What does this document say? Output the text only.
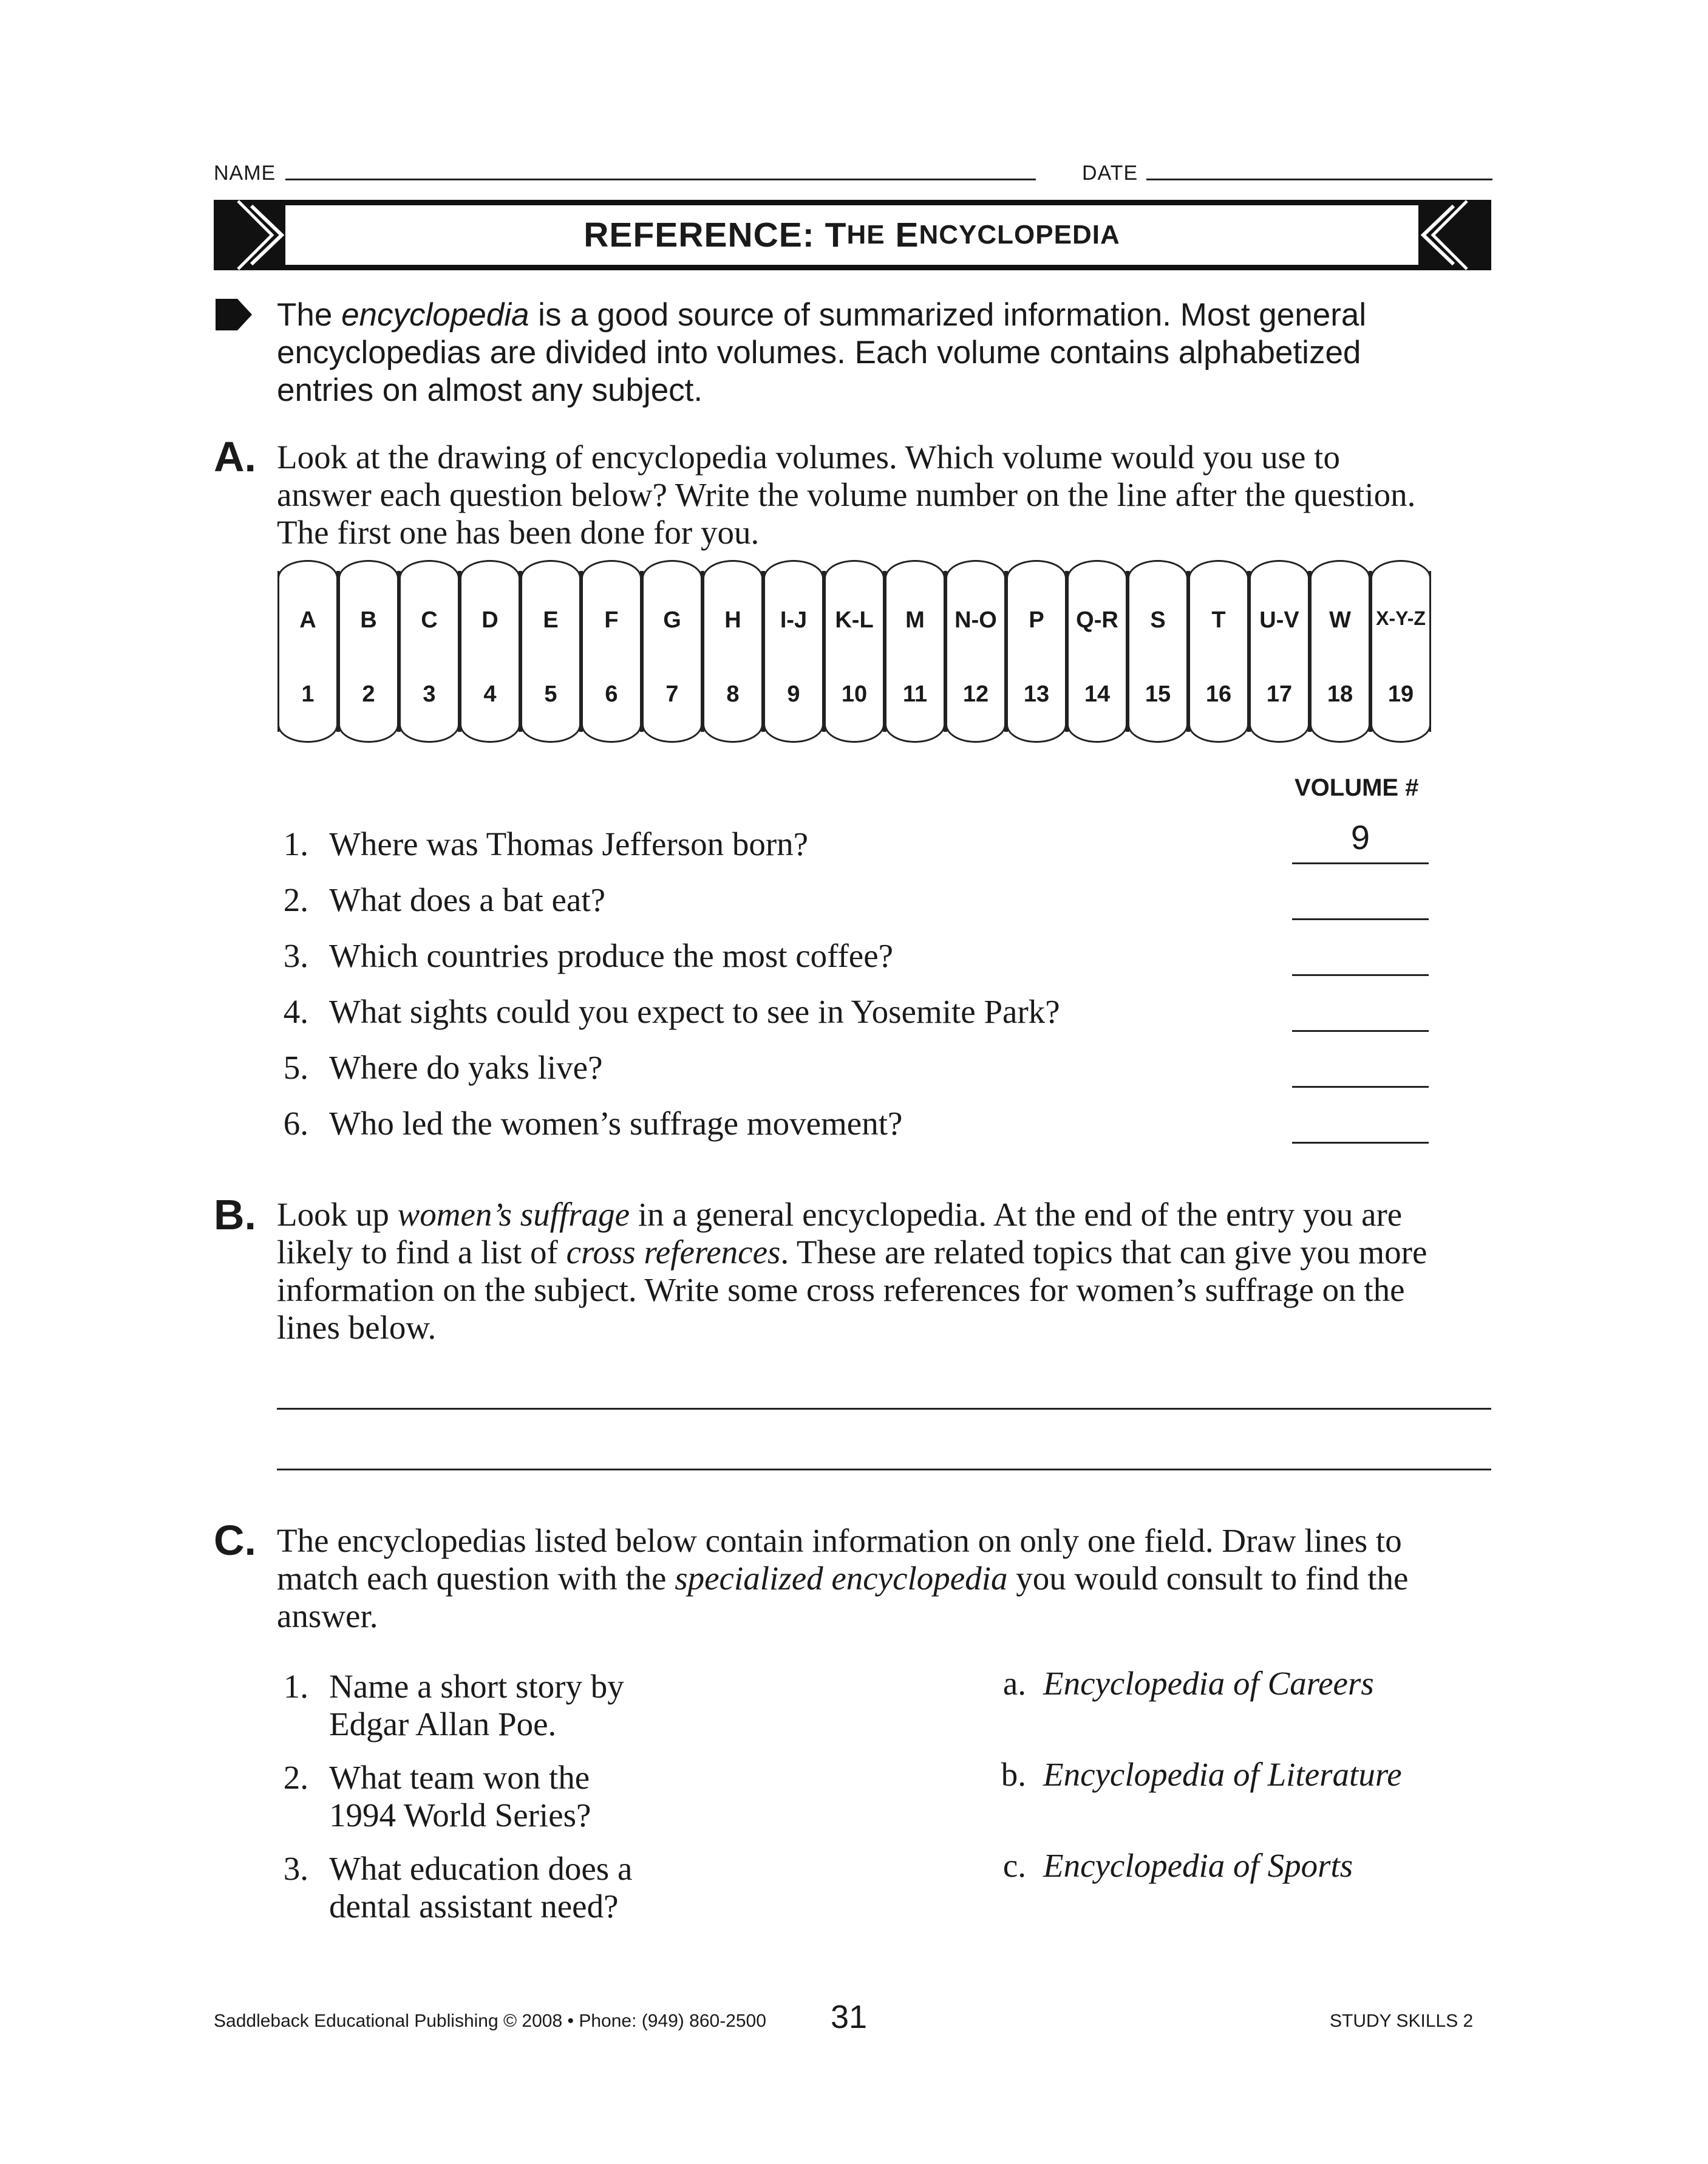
NAME	DATE
REFERENCE:
T HE
E NCYCLOPEDIA
The encyclopedia is a good source of summarized information. Most general encyclopedias are divided into volumes. Each volume contains alphabetized entries on almost any subject.
A. Look at the drawing of encyclopedia volumes. Which volume would you use to answer each question below? Write the volume number on the line after the question. The first one has been done for you.
A
1
B
2
C
3
D
4
E
5
F
6
G
7
H
8
I-J
9
K-L
10
M
11
N-O
12
P
13
Q-R
14
S
15
T
16
U-V
17
W
18
X-Y-Z
19
VOLUME #
1. Where was Thomas Jefferson born?	9
2. What does a bat eat?
3. Which countries produce the most coffee?
4. What sights could you expect to see in Yosemite Park?
5. Where do yaks live?
6. Who led the women’s suffrage movement?
B. Look up women’s suffrage in a general encyclopedia. At the end of the entry you are likely to find a list of cross references. These are related topics that can give you more information on the subject. Write some cross references for women’s suffrage on the lines below.
C. The encyclopedias listed below contain information on only one field. Draw lines to match each question with the specialized encyclopedia you would consult to find the answer.
1. Name a short story by
Edgar Allan Poe.
2. What team won the
1994 World Series?
3. What education does a
dental assistant need?
a. Encyclopedia of Careers
b. Encyclopedia of Literature
c. Encyclopedia of Sports
Saddleback Educational Publishing © 2008 • Phone: (949) 860-2500 31	STUDY SKILLS 2
